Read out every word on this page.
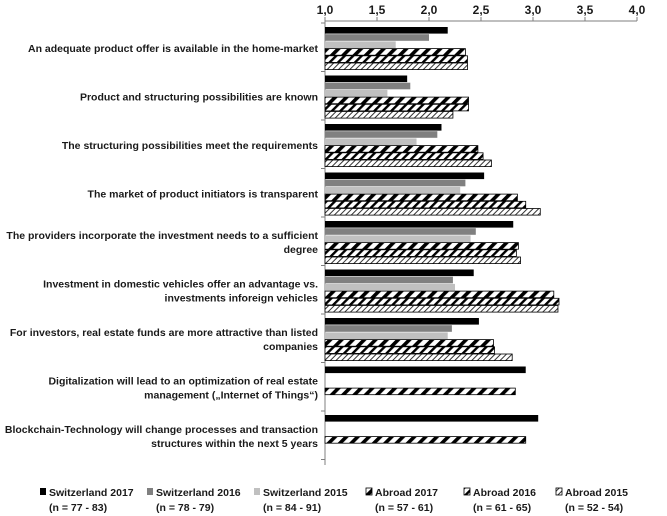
1,0	1,5	2,0	2,5	3,0	3,5	4,0
An adequate product offer is available in the home-market
Product and structuring possibilities are known
The structuring possibilities meet the requirements
The market of product initiators is transparent
The providers incorporate the investment needs to a sufficient
degree
Investment in domestic vehicles offer an advantage vs.
investments inforeign vehicles
For investors, real estate funds are more attractive than listed
companies
Digitalization will lead to an optimization of real estate
management („Internet of Things“)
Blockchain-Technology will change processes and transaction
structures within the next 5 years
Switzerland 2017
(n = 77 - 83)
Switzerland 2016
(n = 78 - 79)
Switzerland 2015
(n = 84 - 91)
Abroad 2017
(n = 57 - 61)
Abroad 2016
(n = 61 - 65)
Abroad 2015
(n = 52 - 54)
